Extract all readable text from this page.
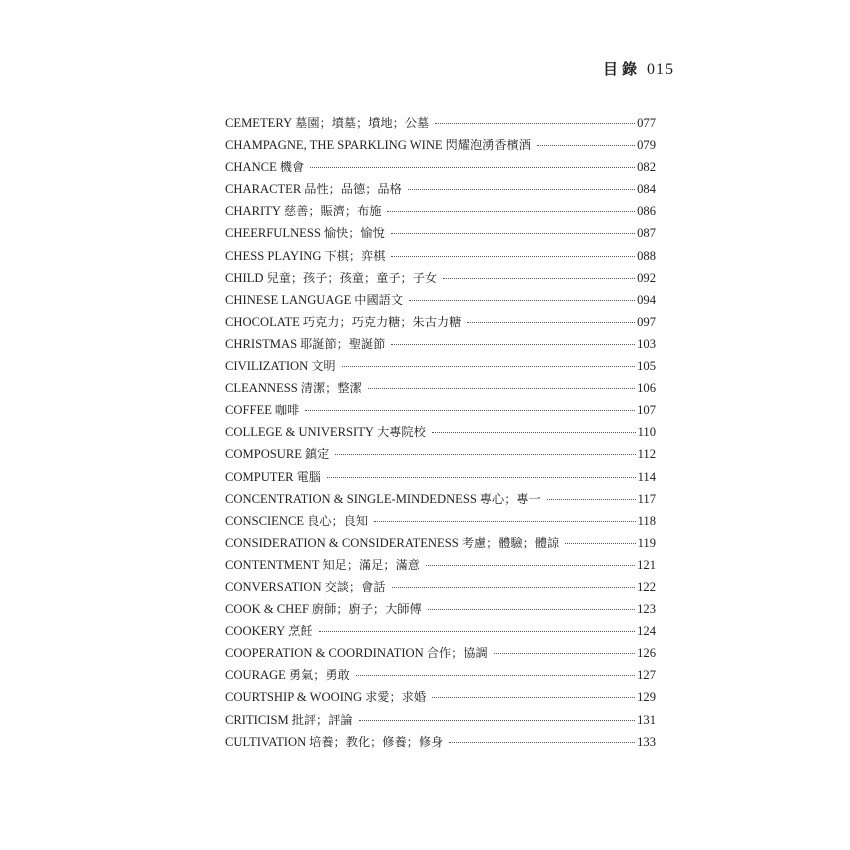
目錄 015
CEMETERY 墓園；墳墓；墳地；公墓	077
CHAMPAGNE, THE SPARKLING WINE 閃耀泡湧香檳酒	079
CHANCE 機會	082
CHARACTER 品性；品德；品格	084
CHARITY 慈善；賑濟；布施	086
CHEERFULNESS 愉快；愉悅	087
CHESS PLAYING 下棋；弈棋	088
CHILD 兒童；孩子；孩童；童子；子女	092
CHINESE LANGUAGE 中國語文	094
CHOCOLATE 巧克力；巧克力糖；朱古力糖	097
CHRISTMAS 耶誕節；聖誕節	103
CIVILIZATION 文明	105
CLEANNESS 清潔；整潔	106
COFFEE 咖啡	107
COLLEGE & UNIVERSITY 大專院校	110
COMPOSURE 鎮定	112
COMPUTER 電腦	114
CONCENTRATION & SINGLE-MINDEDNESS 專心；專一	117
CONSCIENCE 良心；良知	118
CONSIDERATION & CONSIDERATENESS 考慮；體驗；體諒	119
CONTENTMENT 知足；滿足；滿意	121
CONVERSATION 交談；會話	122
COOK & CHEF 廚師；廚子；大師傅	123
COOKERY 烹飪	124
COOPERATION & COORDINATION 合作；協調	126
COURAGE 勇氣；勇敢	127
COURTSHIP & WOOING 求愛；求婚	129
CRITICISM 批評；評論	131
CULTIVATION 培養；教化；修養；修身	133
